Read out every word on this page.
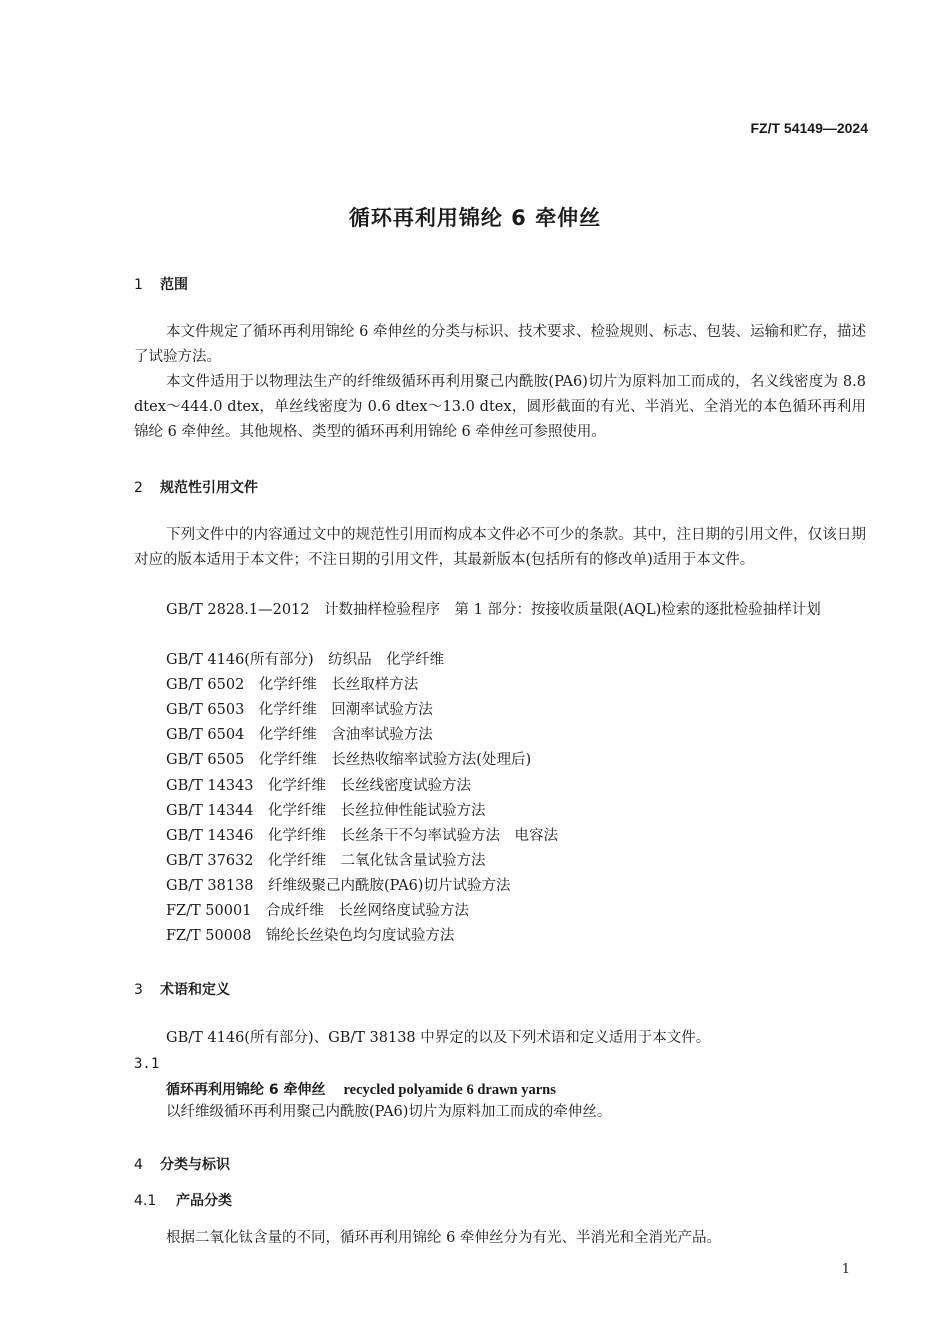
FZ/T 54149—2024
循环再利用锦纶 6 牵伸丝
1 范围
本文件规定了循环再利用锦纶 6 牵伸丝的分类与标识、技术要求、检验规则、标志、包装、运输和贮存，描述了试验方法。
本文件适用于以物理法生产的纤维级循环再利用聚己内酰胺(PA6)切片为原料加工而成的，名义线密度为 8.8 dtex～444.0 dtex，单丝线密度为 0.6 dtex～13.0 dtex，圆形截面的有光、半消光、全消光的本色循环再利用锦纶 6 牵伸丝。其他规格、类型的循环再利用锦纶 6 牵伸丝可参照使用。
2 规范性引用文件
下列文件中的内容通过文中的规范性引用而构成本文件必不可少的条款。其中，注日期的引用文件，仅该日期对应的版本适用于本文件；不注日期的引用文件，其最新版本(包括所有的修改单)适用于本文件。
GB/T 2828.1—2012　计数抽样检验程序　第 1 部分：按接收质量限(AQL)检索的逐批检验抽样计划
GB/T 4146(所有部分)　纺织品　化学纤维
GB/T 6502　化学纤维　长丝取样方法
GB/T 6503　化学纤维　回潮率试验方法
GB/T 6504　化学纤维　含油率试验方法
GB/T 6505　化学纤维　长丝热收缩率试验方法(处理后)
GB/T 14343　化学纤维　长丝线密度试验方法
GB/T 14344　化学纤维　长丝拉伸性能试验方法
GB/T 14346　化学纤维　长丝条干不匀率试验方法　电容法
GB/T 37632　化学纤维　二氧化钛含量试验方法
GB/T 38138　纤维级聚己内酰胺(PA6)切片试验方法
FZ/T 50001　合成纤维　长丝网络度试验方法
FZ/T 50008　锦纶长丝染色均匀度试验方法
3 术语和定义
GB/T 4146(所有部分)、GB/T 38138 中界定的以及下列术语和定义适用于本文件。
3.1
循环再利用锦纶 6 牵伸丝 recycled polyamide 6 drawn yarns
以纤维级循环再利用聚己内酰胺(PA6)切片为原料加工而成的牵伸丝。
4 分类与标识
4.1 产品分类
根据二氧化钛含量的不同，循环再利用锦纶 6 牵伸丝分为有光、半消光和全消光产品。
1
